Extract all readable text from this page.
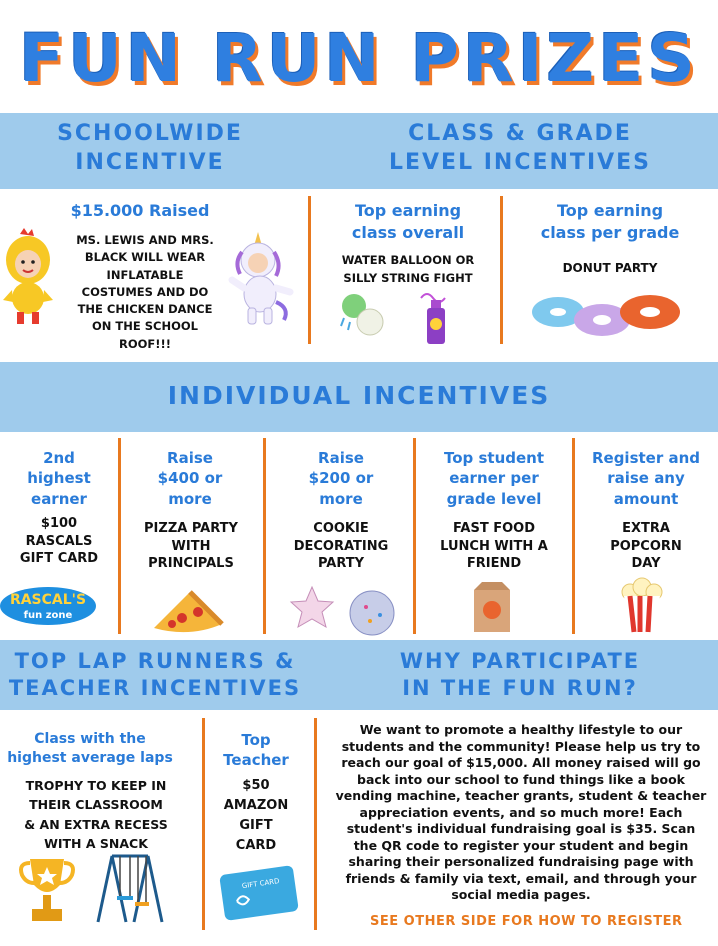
FUN RUN PRIZES
SCHOOLWIDE
INCENTIVE
CLASS & GRADE
LEVEL INCENTIVES
$15.000 Raised
MS. LEWIS AND MRS.
BLACK WILL WEAR
INFLATABLE
COSTUMES AND DO
THE CHICKEN DANCE
ON THE SCHOOL
ROOF!!!
Top earning
class overall
WATER BALLOON OR
SILLY STRING FIGHT
Top earning
class per grade
DONUT PARTY
INDIVIDUAL INCENTIVES
2nd
highest
earner
$100
RASCALS
GIFT CARD
RASCAL'S
fun zone
Raise
$400 or
more
PIZZA PARTY
WITH
PRINCIPALS
Raise
$200 or
more
COOKIE
DECORATING
PARTY
Top student
earner per
grade level
FAST FOOD
LUNCH WITH A
FRIEND
Register and
raise any
amount
EXTRA
POPCORN
DAY
TOP LAP RUNNERS &
TEACHER INCENTIVES
WHY PARTICIPATE
IN THE FUN RUN?
Class with the
highest average laps
TROPHY TO KEEP IN
THEIR CLASSROOM
& AN EXTRA RECESS
WITH A SNACK
Top
Teacher
$50
AMAZON
GIFT
CARD
GIFT CARD
We want to promote a healthy lifestyle to our
students and the community! Please help us try to
reach our goal of $15,000. All money raised will go
back into our school to fund things like a book
vending machine, teacher grants, student & teacher
appreciation events, and so much more! Each
student's individual fundraising goal is $35. Scan
the QR code to register your student and begin
sharing their personalized fundraising page with
friends & family via text, email, and through your
social media pages.
SEE OTHER SIDE FOR HOW TO REGISTER
